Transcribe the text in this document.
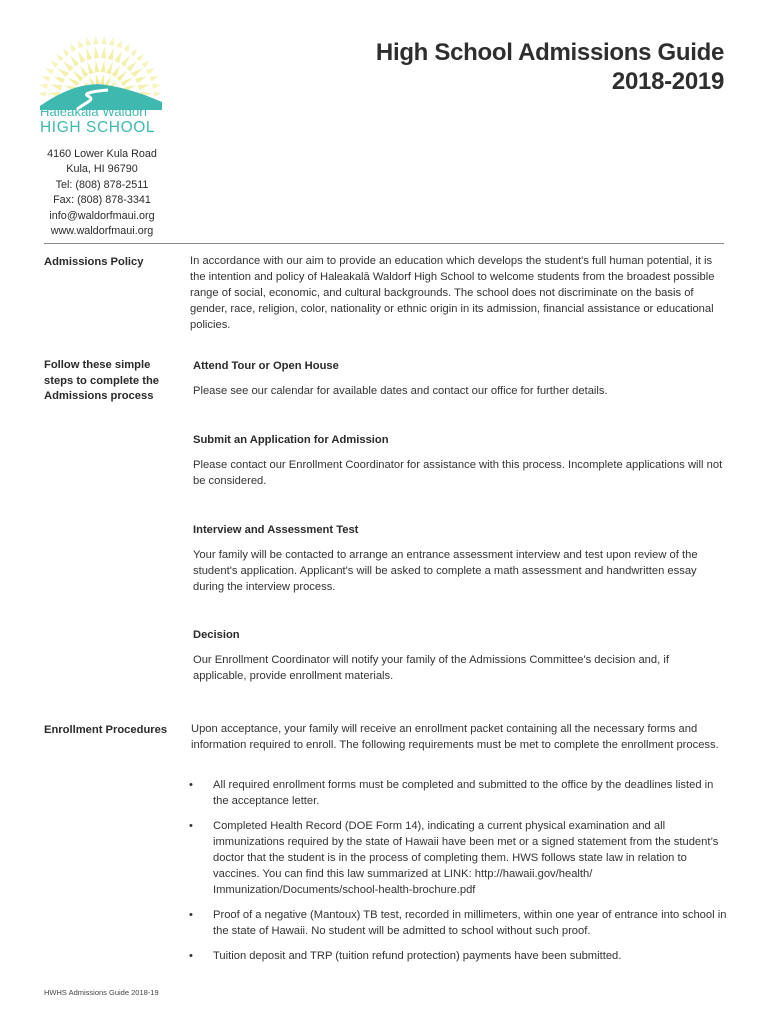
Haleakalā Waldorf
HIGH SCHOOL
4160 Lower Kula Road
Kula, HI 96790
Tel: (808) 878-2511
Fax: (808) 878-3341
info@waldorfmaui.org
www.waldorfmaui.org
High School Admissions Guide
2018-2019
Admissions Policy	In accordance with our aim to provide an education which develops the student's full human potential, it is the intention and policy of Haleakalā Waldorf High School to welcome students from the broadest possible range of social, economic, and cultural backgrounds. The school does not discriminate on the basis of gender, race, religion, color, nationality or ethnic origin in its admission, financial assistance or educational policies.
Follow these simple steps to complete the Admissions process
Attend Tour or Open House
Please see our calendar for available dates and contact our office for further details.
Submit an Application for Admission
Please contact our Enrollment Coordinator for assistance with this process. Incomplete applications will not be considered.
Interview and Assessment Test
Your family will be contacted to arrange an entrance assessment interview and test upon review of the student's application. Applicant's will be asked to complete a math assessment and handwritten essay during the interview process.
Decision
Our Enrollment Coordinator will notify your family of the Admissions Committee's decision and, if applicable, provide enrollment materials.
Enrollment Procedures	Upon acceptance, your family will receive an enrollment packet containing all the necessary forms and information required to enroll. The following requirements must be met to complete the enrollment process.
• All required enrollment forms must be completed and submitted to the office by the deadlines listed in the acceptance letter.
• Completed Health Record (DOE Form 14), indicating a current physical examination and all immunizations required by the state of Hawaii have been met or a signed statement from the student’s doctor that the student is in the process of completing them. HWS follows state law in relation to vaccines. You can find this law summarized at LINK: http://hawaii.gov/health/ Immunization/Documents/school-health-brochure.pdf
• Proof of a negative (Mantoux) TB test, recorded in millimeters, within one year of entrance into school in the state of Hawaii. No student will be admitted to school without such proof.
• Tuition deposit and TRP (tuition refund protection) payments have been submitted.
HWHS Admissions Guide 2018-19
